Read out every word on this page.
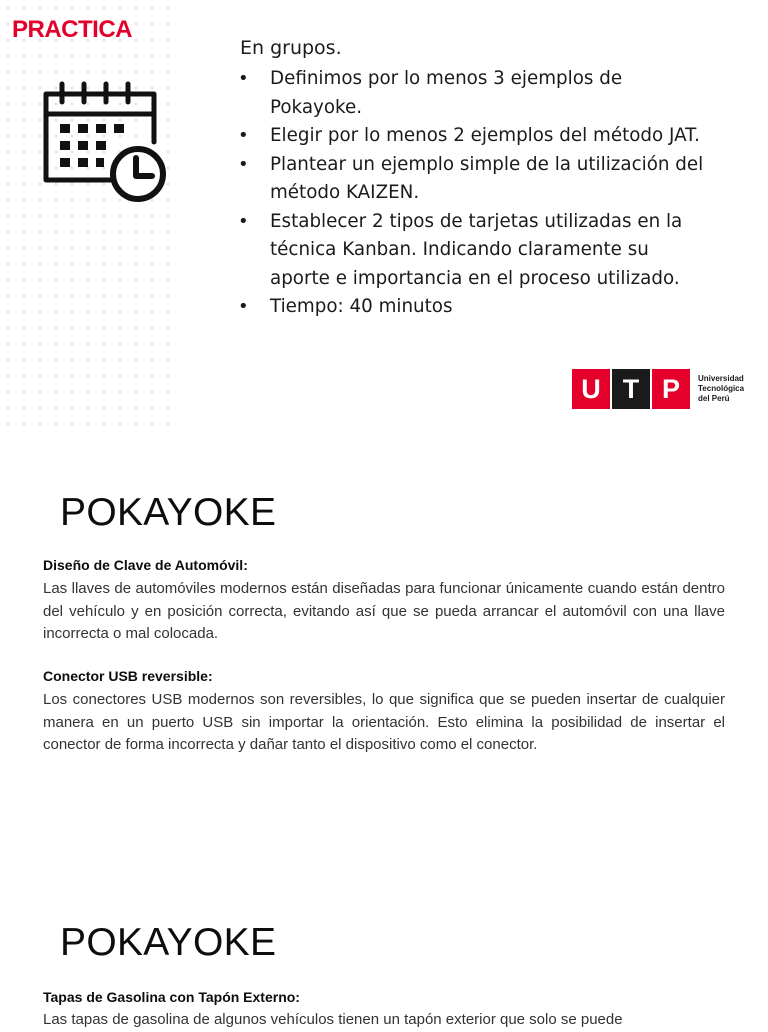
PRACTICA
En grupos.
•	Definimos por lo menos 3 ejemplos de Pokayoke.
•	Elegir por lo menos 2 ejemplos del método JAT.
•	Plantear un ejemplo simple de la utilización del método KAIZEN.
•	Establecer 2 tipos de tarjetas utilizadas en la técnica Kanban. Indicando claramente su aporte e importancia en el proceso utilizado.
•	Tiempo: 40 minutos
U T P	Universidad
Tecnológica
del Perú
POKAYOKE
Diseño de Clave de Automóvil:

Las llaves de automóviles modernos están diseñadas para funcionar únicamente cuando están dentro del vehículo y en posición correcta, evitando así que se pueda arrancar el automóvil con una llave incorrecta o mal colocada.

Conector USB reversible:

Los conectores USB modernos son reversibles, lo que significa que se pueden insertar de cualquier manera en un puerto USB sin importar la orientación. Esto elimina la posibilidad de insertar el conector de forma incorrecta y dañar tanto el dispositivo como el conector.

POKAYOKE
Tapas de Gasolina con Tapón Externo:

Las tapas de gasolina de algunos vehículos tienen un tapón exterior que solo se puede
